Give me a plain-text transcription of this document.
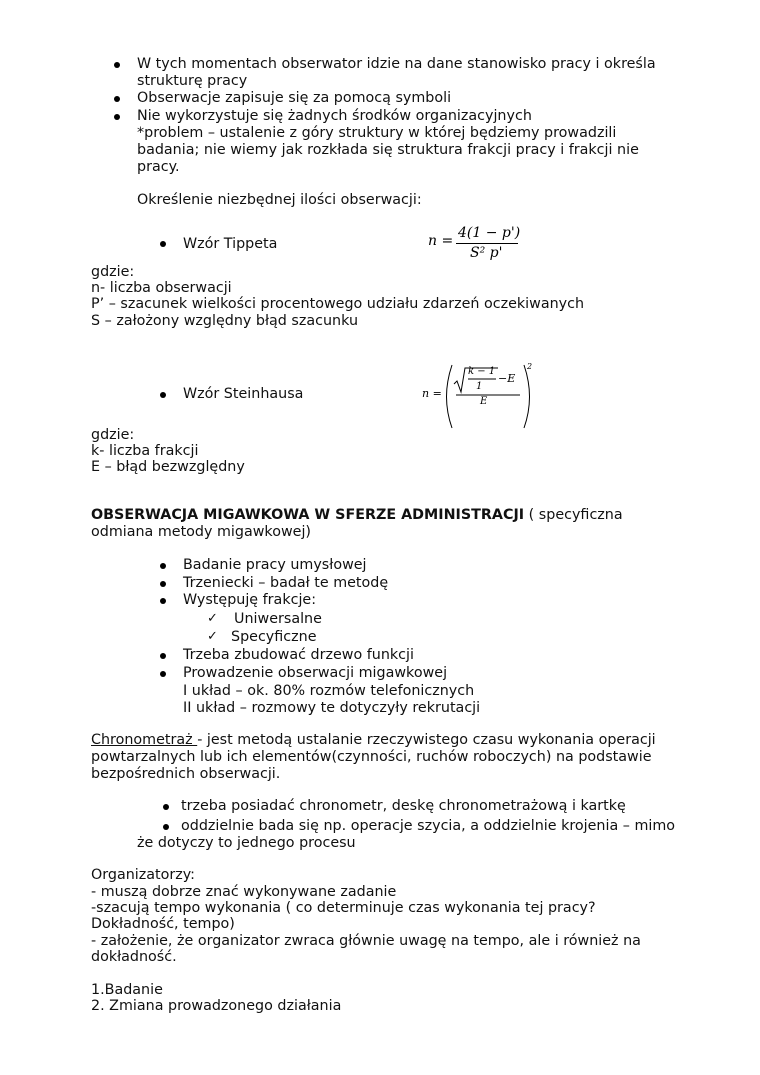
W tych momentach obserwator idzie na dane stanowisko pracy i określa
strukturę pracy
Obserwacje zapisuje się za pomocą symboli
Nie wykorzystuje się żadnych środków organizacyjnych
*problem – ustalenie z góry struktury w której będziemy prowadzili
badania; nie wiemy jak rozkłada się struktura frakcji pracy i frakcji nie
pracy.
Określenie niezbędnej ilości obserwacji:
Wzór Tippeta	n = 4(1 − p')
S² p'
gdzie:
n- liczba obserwacji
P’ – szacunek wielkości procentowego udziału zdarzeń oczekiwanych
S – założony względny błąd szacunku
Wzór Steinhausa	n =
k − 1
1
−E
E
2
gdzie:
k- liczba frakcji
E – błąd bezwzględny
OBSERWACJA MIGAWKOWA W SFERZE ADMINISTRACJI ( specyficzna
odmiana metody migawkowej)
Badanie pracy umysłowej
Trzeniecki – badał te metodę
Występuję frakcje:
✓ Uniwersalne
✓ Specyficzne
Trzeba zbudować drzewo funkcji
Prowadzenie obserwacji migawkowej
I układ – ok. 80% rozmów telefonicznych
II układ – rozmowy te dotyczyły rekrutacji
Chronometraż - jest metodą ustalanie rzeczywistego czasu wykonania operacji
powtarzalnych lub ich elementów(czynności, ruchów roboczych) na podstawie
bezpośrednich obserwacji.
trzeba posiadać chronometr, deskę chronometrażową i kartkę
oddzielnie bada się np. operacje szycia, a oddzielnie krojenia – mimo
że dotyczy to jednego procesu
Organizatorzy:
- muszą dobrze znać wykonywane zadanie
-szacują tempo wykonania ( co determinuje czas wykonania tej pracy?
Dokładność, tempo)
- założenie, że organizator zwraca głównie uwagę na tempo, ale i również na
dokładność.
1.Badanie
2. Zmiana prowadzonego działania
